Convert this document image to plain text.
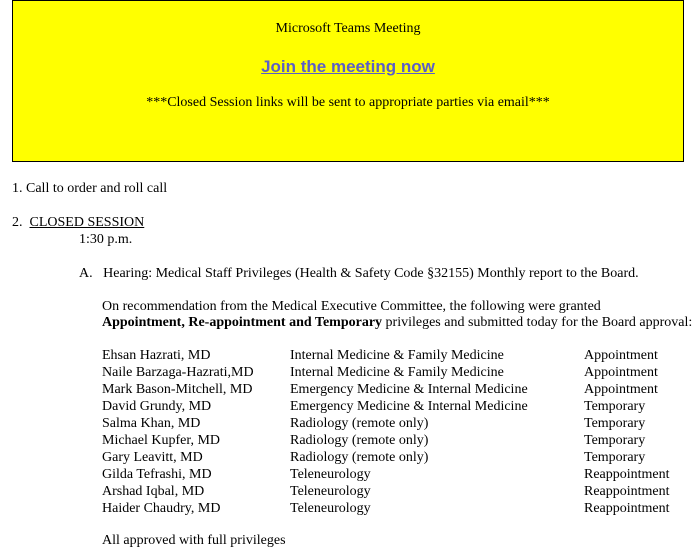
Microsoft Teams Meeting
Join the meeting now
***Closed Session links will be sent to appropriate parties via email***
1. Call to order and roll call
2. CLOSED SESSION
1:30 p.m.
A. Hearing: Medical Staff Privileges (Health & Safety Code §32155) Monthly report to the Board.
On recommendation from the Medical Executive Committee, the following were granted
Appointment, Re-appointment and Temporary privileges and submitted today for the Board approval:
Ehsan Hazrati, MD	Internal Medicine & Family Medicine	Appointment
Naile Barzaga-Hazrati,MD	Internal Medicine & Family Medicine	Appointment
Mark Bason-Mitchell, MD	Emergency Medicine & Internal Medicine	Appointment
David Grundy, MD	Emergency Medicine & Internal Medicine	Temporary
Salma Khan, MD	Radiology (remote only)	Temporary
Michael Kupfer, MD	Radiology (remote only)	Temporary
Gary Leavitt, MD	Radiology (remote only)	Temporary
Gilda Tefrashi, MD	Teleneurology	Reappointment
Arshad Iqbal, MD	Teleneurology	Reappointment
Haider Chaudry, MD	Teleneurology	Reappointment
All approved with full privileges
